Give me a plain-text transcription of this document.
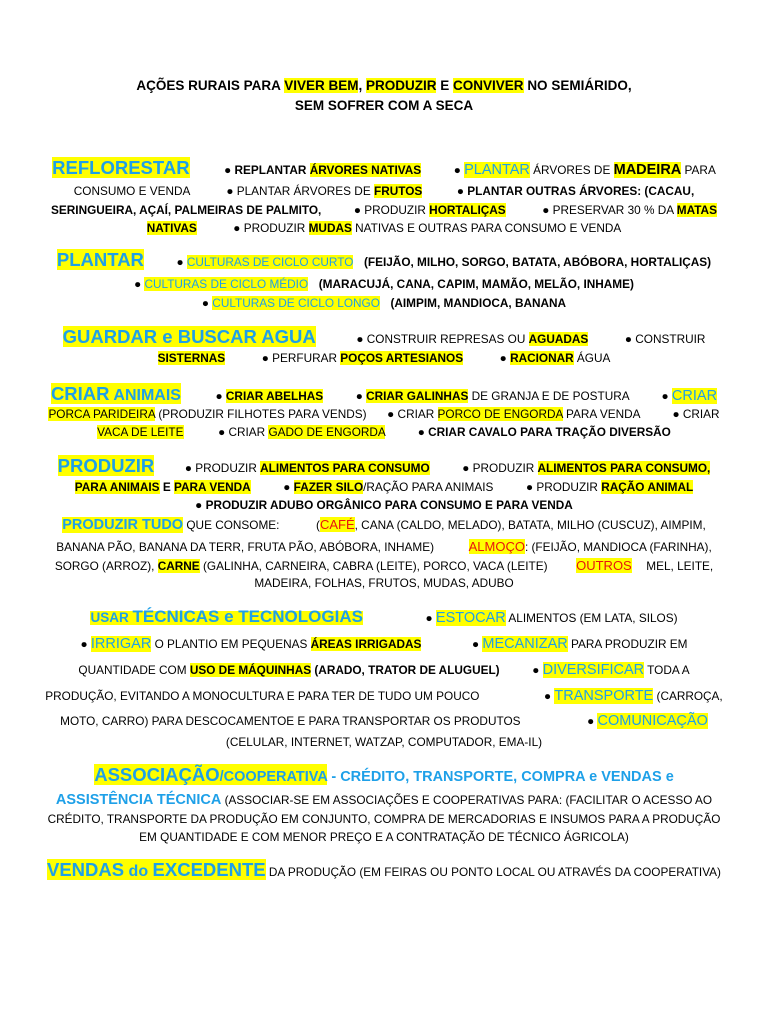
AÇÕES RURAIS PARA VIVER BEM, PRODUZIR E CONVIVER NO SEMIÁRIDO,
SEM SOFRER COM A SECA
REFLORESTAR	● REPLANTAR ÁRVORES NATIVAS	● PLANTAR ÁRVORES DE MADEIRA PARA
CONSUMO E VENDA	● PLANTAR ÁRVORES DE FRUTOS	● PLANTAR OUTRAS ÁRVORES: (CACAU,
SERINGUEIRA, AÇAÍ, PALMEIRAS DE PALMITO,	● PRODUZIR HORTALIÇAS	● PRESERVAR 30 % DA MATAS
NATIVAS	● PRODUZIR MUDAS NATIVAS E OUTRAS PARA CONSUMO E VENDA
PLANTAR	● CULTURAS DE CICLO CURTO (FEIJÃO, MILHO, SORGO, BATATA, ABÓBORA, HORTALIÇAS)
● CULTURAS DE CICLO MÉDIO (MARACUJÁ, CANA, CAPIM, MAMÃO, MELÃO, INHAME)
● CULTURAS DE CICLO LONGO (AIMPIM, MANDIOCA, BANANA
GUARDAR e BUSCAR AGUA	● CONSTRUIR REPRESAS OU AGUADAS	● CONSTRUIR
SISTERNAS	● PERFURAR POÇOS ARTESIANOS	● RACIONAR ÁGUA
CRIAR ANIMAIS	● CRIAR ABELHAS	● CRIAR GALINHAS DE GRANJA E DE POSTURA	● CRIAR
PORCA PARIDEIRA (PRODUZIR FILHOTES PARA VENDS) ● CRIAR PORCO DE ENGORDA PARA VENDA	● CRIAR
VACA DE LEITE	● CRIAR GADO DE ENGORDA	● CRIAR CAVALO PARA TRAÇÃO DIVERSÃO
PRODUZIR	● PRODUZIR ALIMENTOS PARA CONSUMO	● PRODUZIR ALIMENTOS PARA CONSUMO,
PARA ANIMAIS E PARA VENDA	● FAZER SILO/RAÇÃO PARA ANIMAIS	● PRODUZIR RAÇÃO ANIMAL
● PRODUZIR ADUBO ORGÂNICO PARA CONSUMO E PARA VENDA
PRODUZIR TUDO QUE CONSOME:	(CAFÉ, CANA (CALDO, MELADO), BATATA, MILHO (CUSCUZ), AIMPIM,
BANANA PÃO, BANANA DA TERR, FRUTA PÃO, ABÓBORA, INHAME)	ALMOÇO: (FEIJÃO, MANDIOCA (FARINHA),
SORGO (ARROZ), CARNE (GALINHA, CARNEIRA, CABRA (LEITE), PORCO, VACA (LEITE) OUTROS MEL, LEITE,
MADEIRA, FOLHAS, FRUTOS, MUDAS, ADUBO
USAR TÉCNICAS e TECNOLOGIAS	● ESTOCAR ALIMENTOS (EM LATA, SILOS)
● IRRIGAR O PLANTIO EM PEQUENAS ÁREAS IRRIGADAS	● MECANIZAR PARA PRODUZIR EM
QUANTIDADE COM USO DE MÁQUINHAS (ARADO, TRATOR DE ALUGUEL)	● DIVERSIFICAR TODA A
PRODUÇÃO, EVITANDO A MONOCULTURA E PARA TER DE TUDO UM POUCO	● TRANSPORTE (CARROÇA,
MOTO, CARRO) PARA DESCOCAMENTOE E PARA TRANSPORTAR OS PRODUTOS	● COMUNICAÇÃO
(CELULAR, INTERNET, WATZAP, COMPUTADOR, EMA-IL)
ASSOCIAÇÃO/COOPERATIVA - CRÉDITO, TRANSPORTE, COMPRA e VENDAS e
ASSISTÊNCIA TÉCNICA (ASSOCIAR-SE EM ASSOCIAÇÕES E COOPERATIVAS PARA: (FACILITAR O ACESSO AO
CRÉDITO, TRANSPORTE DA PRODUÇÃO EM CONJUNTO, COMPRA DE MERCADORIAS E INSUMOS PARA A PRODUÇÃO
EM QUANTIDADE E COM MENOR PREÇO E A CONTRATAÇÃO DE TÉCNICO ÁGRICOLA)
VENDAS do EXCEDENTE DA PRODUÇÃO (EM FEIRAS OU PONTO LOCAL OU ATRAVÉS DA COOPERATIVA)
